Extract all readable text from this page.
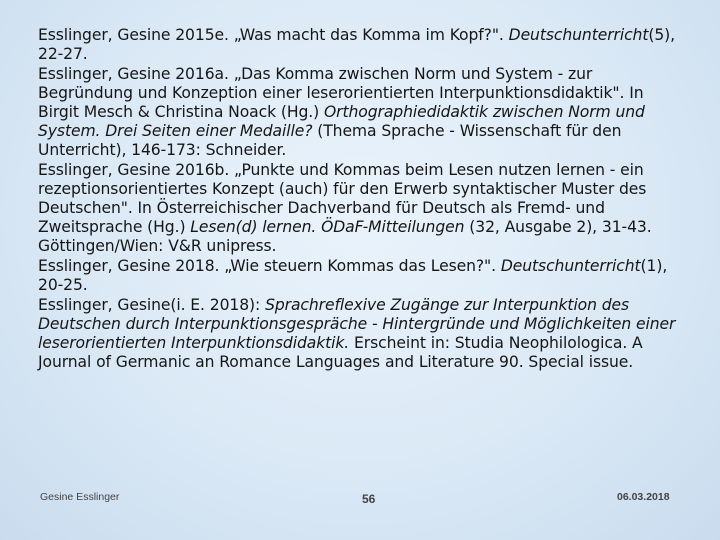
Esslinger, Gesine 2015e. „Was macht das Komma im Kopf?". Deutschunterricht(5), 22-27.

Esslinger, Gesine 2016a. „Das Komma zwischen Norm und System - zur Begründung und Konzeption einer leserorientierten Interpunktionsdidaktik". In Birgit Mesch & Christina Noack (Hg.) Orthographiedidaktik zwischen Norm und System. Drei Seiten einer Medaille? (Thema Sprache - Wissenschaft für den Unterricht), 146-173: Schneider.

Esslinger, Gesine 2016b. „Punkte und Kommas beim Lesen nutzen lernen - ein rezeptionsorientiertes Konzept (auch) für den Erwerb syntaktischer Muster des Deutschen". In Österreichischer Dachverband für Deutsch als Fremd- und Zweitsprache (Hg.) Lesen(d) lernen. ÖDaF-Mitteilungen (32, Ausgabe 2), 31-43. Göttingen/Wien: V&R unipress.

Esslinger, Gesine 2018. „Wie steuern Kommas das Lesen?". Deutschunterricht(1), 20-25.

Esslinger, Gesine(i. E. 2018): Sprachreflexive Zugänge zur Interpunktion des Deutschen durch Interpunktionsgespräche - Hintergründe und Möglichkeiten einer leserorientierten Interpunktionsdidaktik. Erscheint in: Studia Neophilologica. A Journal of Germanic an Romance Languages and Literature 90. Special issue.

Gesine Esslinger	56	06.03.2018
